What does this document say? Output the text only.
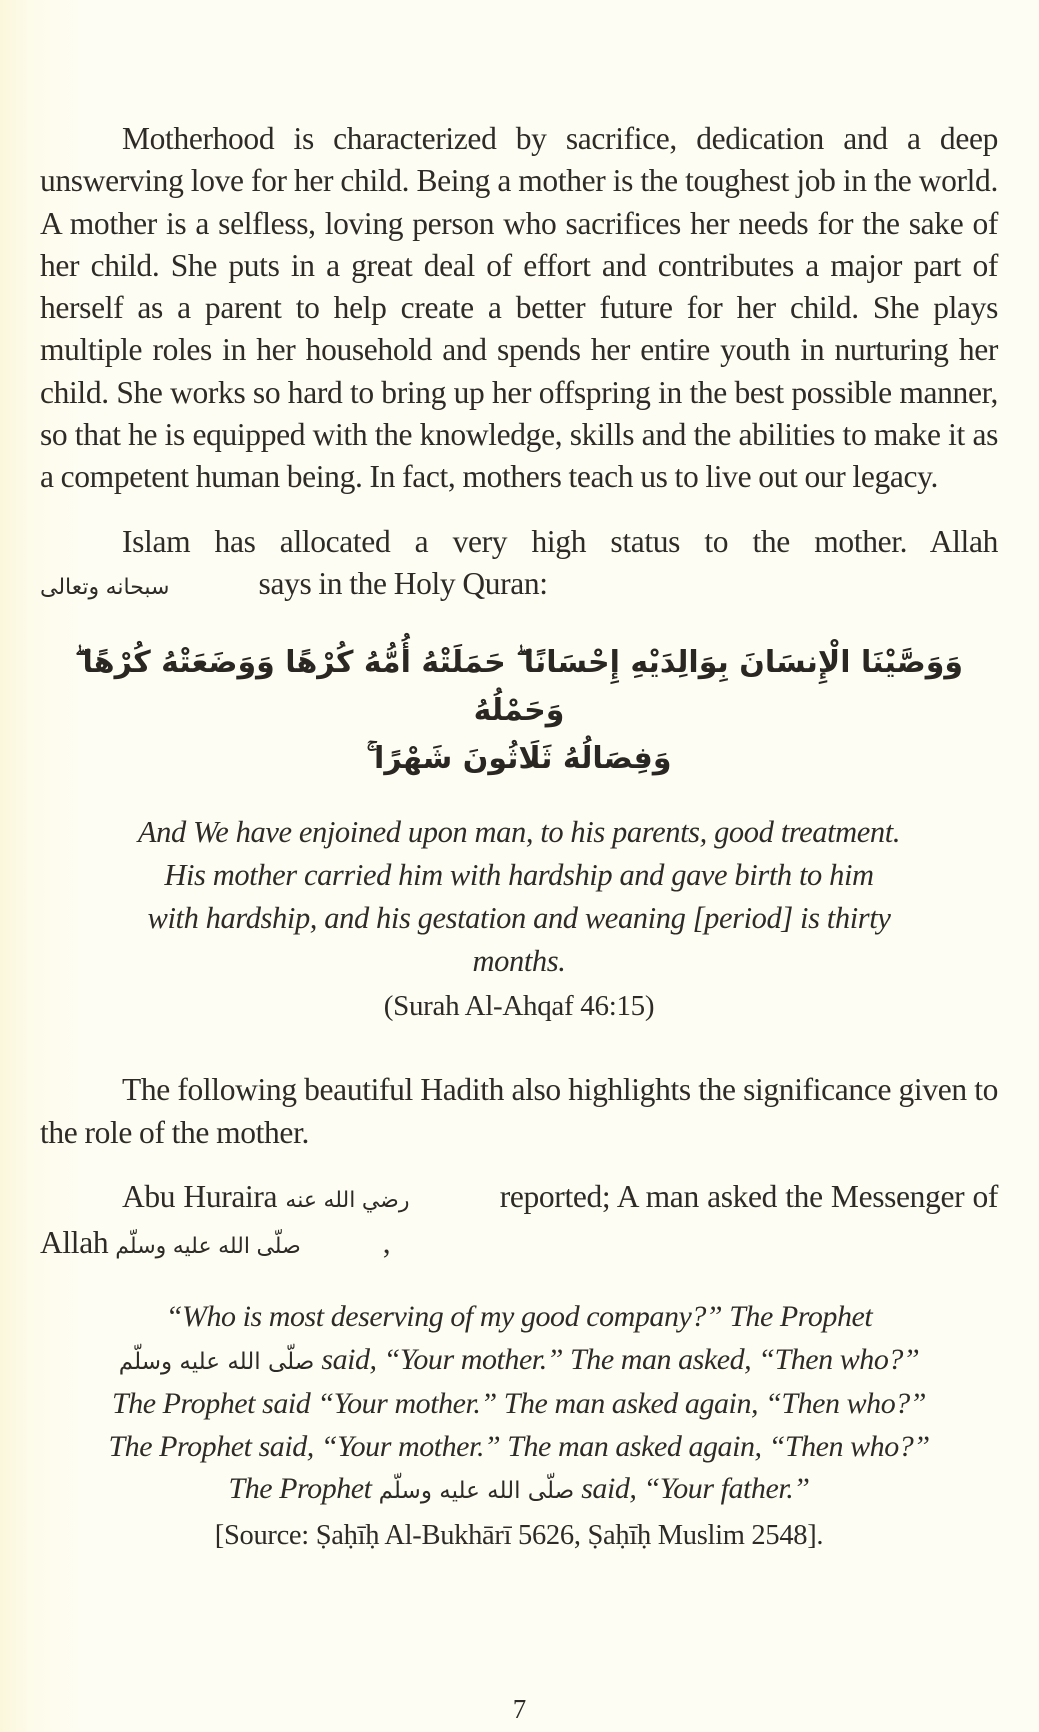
Motherhood is characterized by sacrifice, dedication and a deep unswerving love for her child. Being a mother is the toughest job in the world. A mother is a selfless, loving person who sacrifices her needs for the sake of her child. She puts in a great deal of effort and contributes a major part of herself as a parent to help create a better future for her child. She plays multiple roles in her household and spends her entire youth in nurturing her child. She works so hard to bring up her offspring in the best possible manner, so that he is equipped with the knowledge, skills and the abilities to make it as a competent human being. In fact, mothers teach us to live out our legacy.

Islam has allocated a very high status to the mother. Allah سبحانه وتعالى	says in the Holy Quran:

وَوَصَّيْنَا الْإِنسَانَ بِوَالِدَيْهِ إِحْسَانًا ۖ حَمَلَتْهُ أُمُّهُ كُرْهًا وَوَضَعَتْهُ كُرْهًا ۖ وَحَمْلُهُ
وَفِصَالُهُ ثَلَاثُونَ شَهْرًا ۚ
And We have enjoined upon man, to his parents, good treatment.
His mother carried him with hardship and gave birth to him
with hardship, and his gestation and weaning [period] is thirty
months.
(Surah Al-Ahqaf 46:15)

The following beautiful Hadith also highlights the significance given to the role of the mother.

Abu Huraira رضي الله عنه	reported; A man asked the Messenger of Allah صلّى الله عليه وسلّم	,

“Who is most deserving of my good company?” The Prophet
صلّى الله عليه وسلّم said, “Your mother.” The man asked, “Then who?”
The Prophet said “Your mother.” The man asked again, “Then who?”
The Prophet said, “Your mother.” The man asked again, “Then who?”
The Prophet صلّى الله عليه وسلّم said, “Your father.”
[Source: Ṣaḥīḥ Al-Bukhārī 5626, Ṣaḥīḥ Muslim 2548].
7
